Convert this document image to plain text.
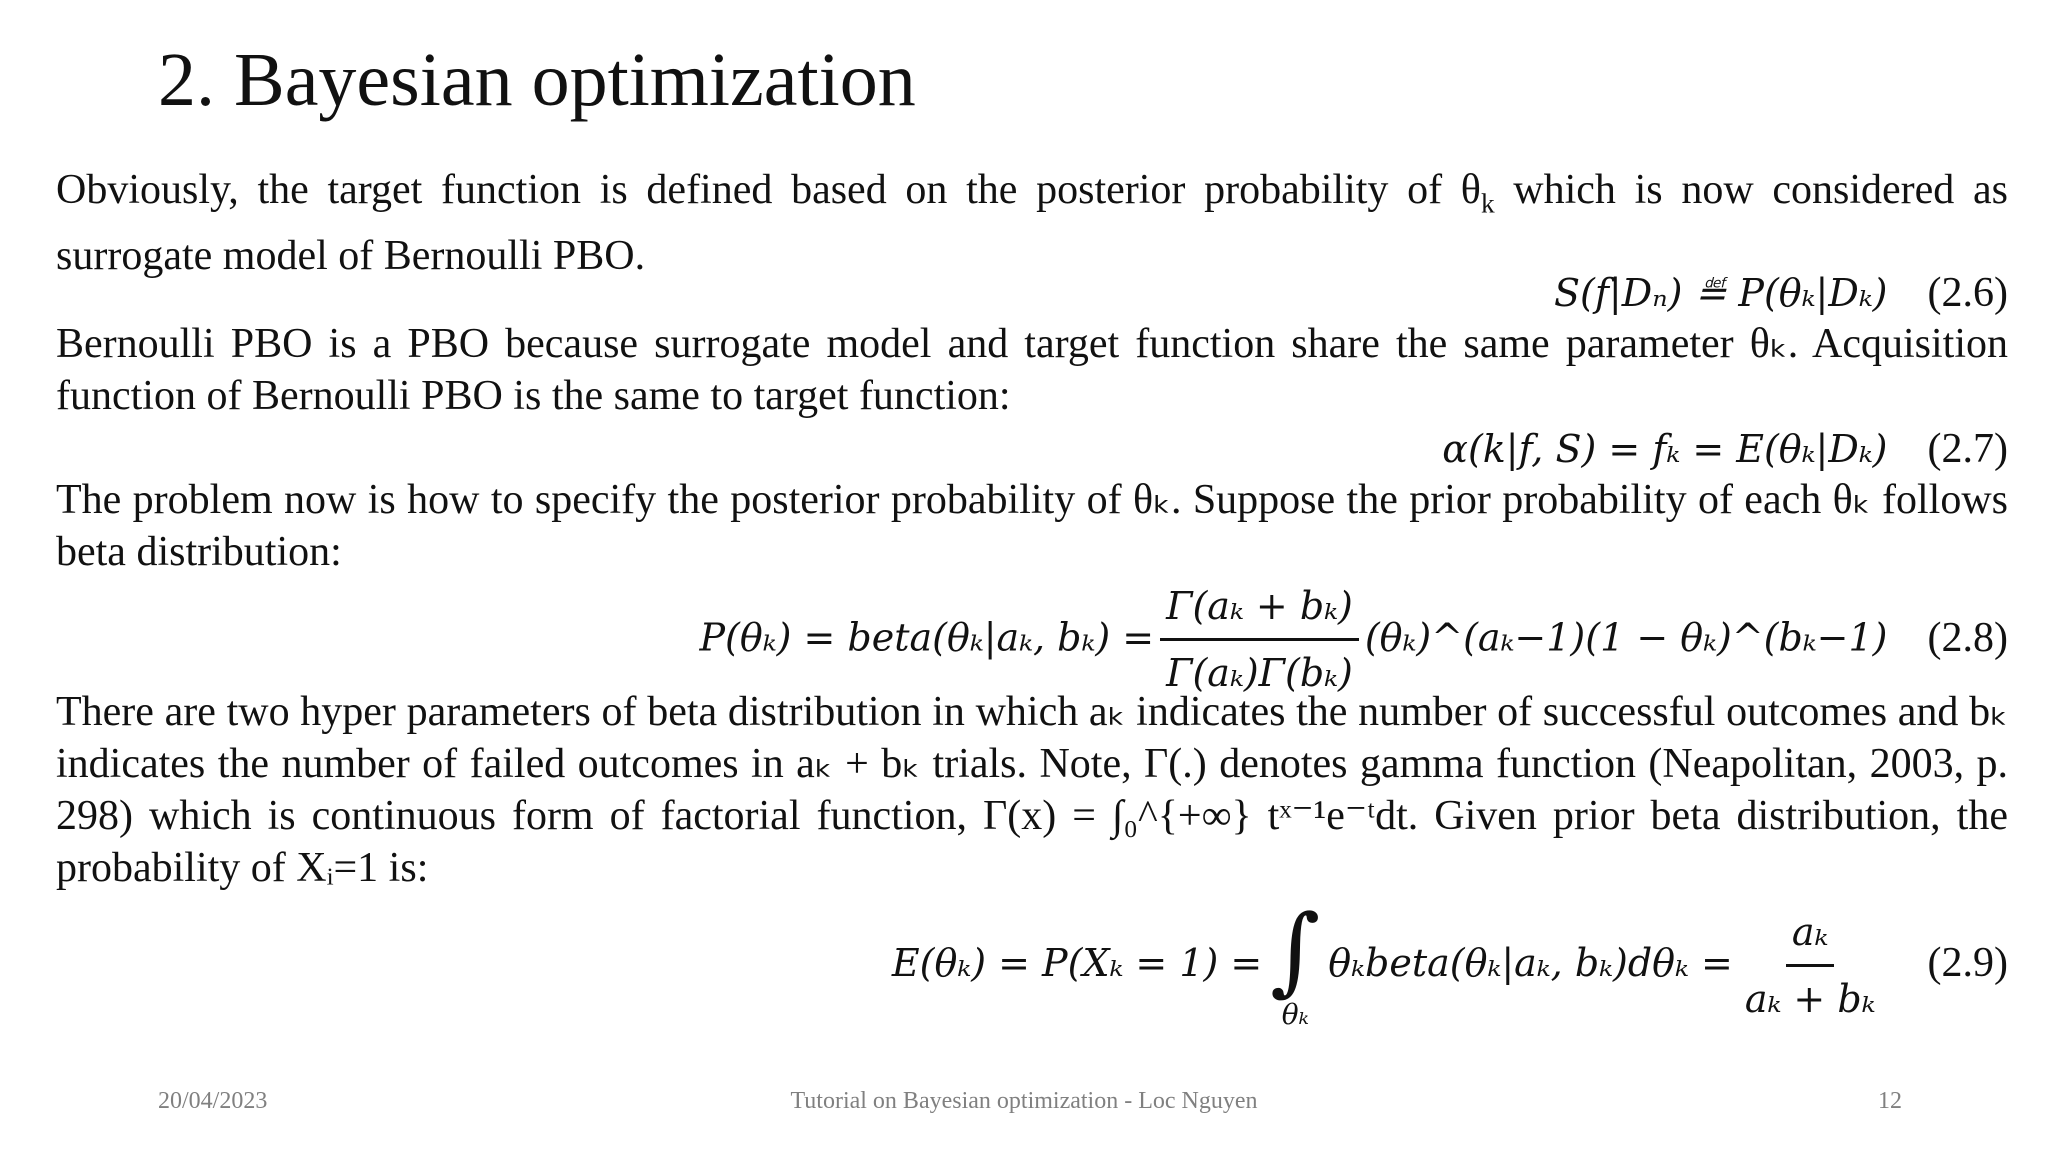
2. Bayesian optimization
Obviously, the target function is defined based on the posterior probability of $\theta_k$ which is now considered as surrogate model of Bernoulli PBO.
S(f|Dₙ) ≝ P(θₖ|Dₖ) (2.6)
Bernoulli PBO is a PBO because surrogate model and target function share the same parameter θₖ. Acquisition function of Bernoulli PBO is the same to target function:
α(k|f, S) = fₖ = E(θₖ|Dₖ) (2.7)
The problem now is how to specify the posterior probability of θₖ. Suppose the prior probability of each θₖ follows beta distribution:
P(θₖ) = beta(θₖ|aₖ, $b_k) = \frac{\text{Γ(aₖ + bₖ)}}{\text{Γ(aₖ)Γ(bₖ)}}$ (θₖ)^(aₖ−1)(1 − θₖ)^(bₖ−1) (2.8)
There are two hyper parameters of beta distribution in which aₖ indicates the number of successful outcomes and bₖ indicates the number of failed outcomes in aₖ + bₖ trials. Note, Γ(.) denotes gamma function (Neapolitan, 2003, p. 298) which is continuous form of factorial function, Γ(x) = ∫₀^{+∞} tˣ⁻¹e⁻ᵗdt. Given prior beta distribution, the probability of Xᵢ=1 is:
E(θₖ) = P(Xₖ = 1) = ∫
θₖ
θₖbeta(θₖ|aₖ, $b_k)d\theta_k = \frac{\text{aₖ}}{\text{aₖ + bₖ}} (2.9)$
20/04/2023	Tutorial on Bayesian optimization - Loc Nguyen	12
